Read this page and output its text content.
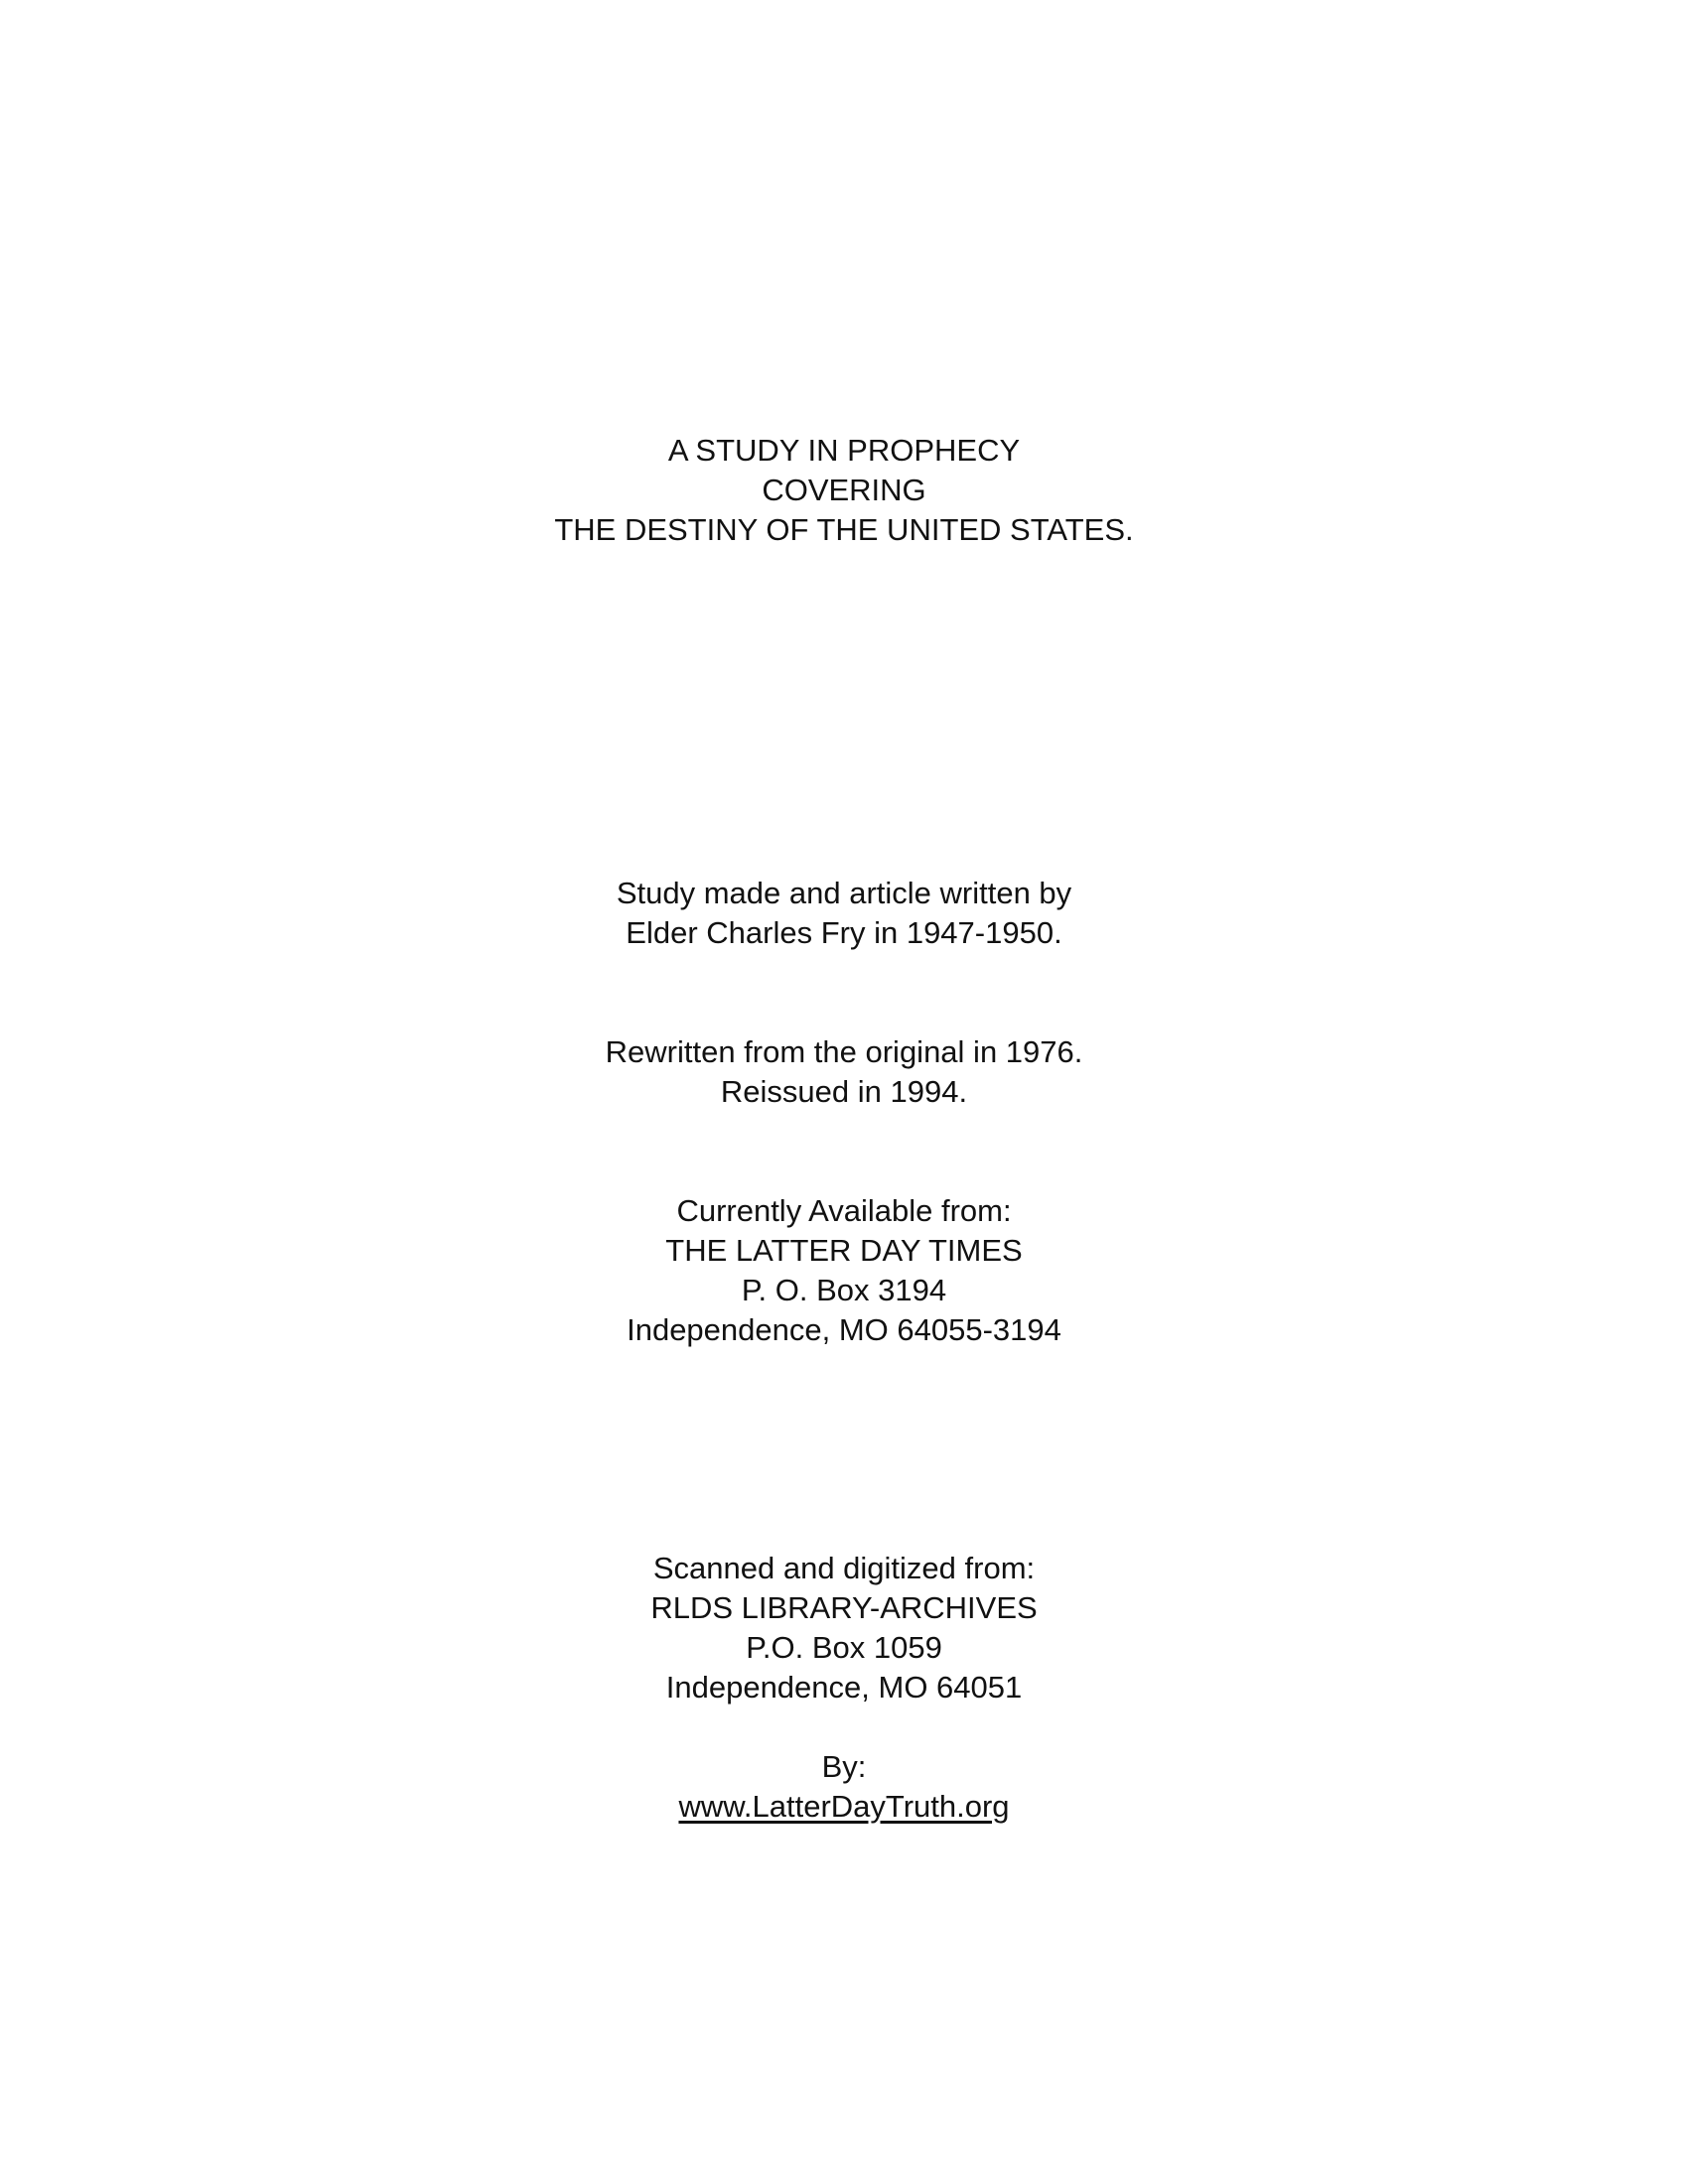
A STUDY IN PROPHECY
COVERING
THE DESTINY OF THE UNITED STATES.
Study made and article written by
Elder Charles Fry in 1947-1950.
Rewritten from the original in 1976.
Reissued in 1994.
Currently Available from:
THE LATTER DAY TIMES
P. O. Box 3194
Independence, MO 64055-3194
Scanned and digitized from:
RLDS LIBRARY-ARCHIVES
P.O. Box 1059
Independence, MO 64051
By:
www.LatterDayTruth.org
